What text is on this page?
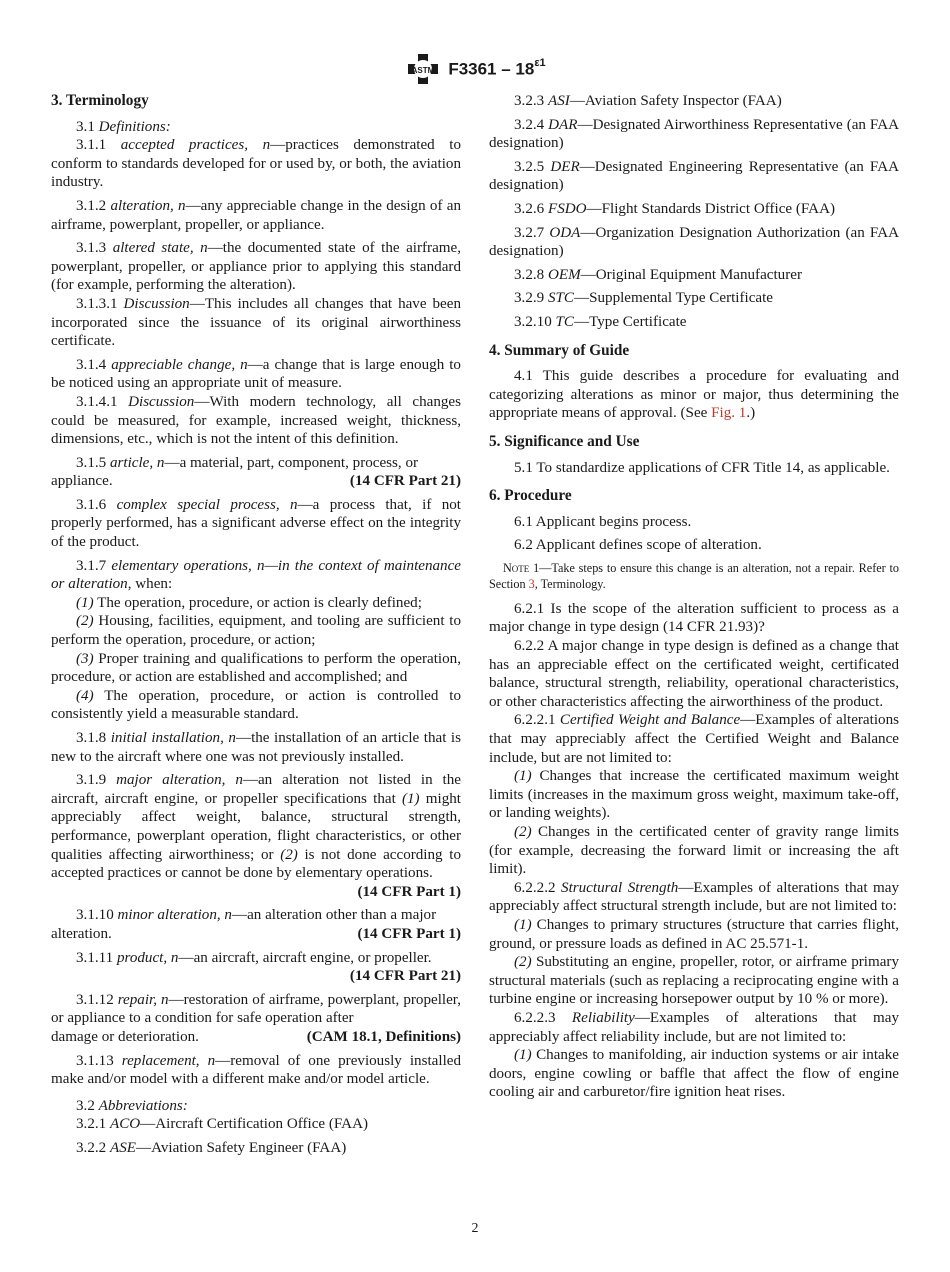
ASTM $F3361 - 18^{\varepsilon 1}$
3. Terminology
3.1 Definitions:
3.1.1 accepted practices, n—practices demonstrated to conform to standards developed for or used by, or both, the aviation industry.
3.1.2 alteration, n—any appreciable change in the design of an airframe, powerplant, propeller, or appliance.
3.1.3 altered state, n—the documented state of the airframe, powerplant, propeller, or appliance prior to applying this standard (for example, performing the alteration).
3.1.3.1 Discussion—This includes all changes that have been incorporated since the issuance of its original airworthiness certificate.
3.1.4 appreciable change, n—a change that is large enough to be noticed using an appropriate unit of measure.
3.1.4.1 Discussion—With modern technology, all changes could be measured, for example, increased weight, thickness, dimensions, etc., which is not the intent of this definition.
3.1.5 article, n—a material, part, component, process, or
appliance.	(14 CFR Part 21)
3.1.6 complex special process, n—a process that, if not properly performed, has a significant adverse effect on the integrity of the product.
3.1.7 elementary operations, n—in the context of maintenance or alteration, when:
(1) The operation, procedure, or action is clearly defined;
(2) Housing, facilities, equipment, and tooling are sufficient to perform the operation, procedure, or action;
(3) Proper training and qualifications to perform the operation, procedure, or action are established and accomplished; and
(4) The operation, procedure, or action is controlled to consistently yield a measurable standard.
3.1.8 initial installation, n—the installation of an article that is new to the aircraft where one was not previously installed.
3.1.9 major alteration, n—an alteration not listed in the aircraft, aircraft engine, or propeller specifications that (1) might appreciably affect weight, balance, structural strength, performance, powerplant operation, flight characteristics, or other qualities affecting airworthiness; or (2) is not done according to accepted practices or cannot be done by elementary operations.
(14 CFR Part 1)
3.1.10 minor alteration, n—an alteration other than a major
alteration.	(14 CFR Part 1)
3.1.11 product, n—an aircraft, aircraft engine, or propeller.
(14 CFR Part 21)
3.1.12 repair, n—restoration of airframe, powerplant, propeller, or appliance to a condition for safe operation after
damage or deterioration.	(CAM 18.1, Definitions)
3.1.13 replacement, n—removal of one previously installed make and/or model with a different make and/or model article.
3.2 Abbreviations:
3.2.1 ACO—Aircraft Certification Office (FAA)
3.2.2 ASE—Aviation Safety Engineer (FAA)
3.2.3 ASI—Aviation Safety Inspector (FAA)
3.2.4 DAR—Designated Airworthiness Representative (an FAA designation)
3.2.5 DER—Designated Engineering Representative (an FAA designation)
3.2.6 FSDO—Flight Standards District Office (FAA)
3.2.7 ODA—Organization Designation Authorization (an FAA designation)
3.2.8 OEM—Original Equipment Manufacturer
3.2.9 STC—Supplemental Type Certificate
3.2.10 TC—Type Certificate
4. Summary of Guide
4.1 This guide describes a procedure for evaluating and categorizing alterations as minor or major, thus determining the appropriate means of approval. (See Fig. 1.)
5. Significance and Use
5.1 To standardize applications of CFR Title 14, as applicable.
6. Procedure
6.1 Applicant begins process.
6.2 Applicant defines scope of alteration.
Note 1—Take steps to ensure this change is an alteration, not a repair. Refer to Section 3, Terminology.
6.2.1 Is the scope of the alteration sufficient to process as a major change in type design (14 CFR 21.93)?
6.2.2 A major change in type design is defined as a change that has an appreciable effect on the certificated weight, certificated balance, structural strength, reliability, operational characteristics, or other characteristics affecting the airworthiness of the product.
6.2.2.1 Certified Weight and Balance—Examples of alterations that may appreciably affect the Certified Weight and Balance include, but are not limited to:
(1) Changes that increase the certificated maximum weight limits (increases in the maximum gross weight, maximum take-off, or landing weights).
(2) Changes in the certificated center of gravity range limits (for example, decreasing the forward limit or increasing the aft limit).
6.2.2.2 Structural Strength—Examples of alterations that may appreciably affect structural strength include, but are not limited to:
(1) Changes to primary structures (structure that carries flight, ground, or pressure loads as defined in AC 25.571-1.
(2) Substituting an engine, propeller, rotor, or airframe primary structural materials (such as replacing a reciprocating engine with a turbine engine or increasing horsepower output by 10 % or more).
6.2.2.3 Reliability—Examples of alterations that may appreciably affect reliability include, but are not limited to:
(1) Changes to manifolding, air induction systems or air intake doors, engine cowling or baffle that affect the flow of engine cooling air and carburetor/fire ignition heat rises.
2
